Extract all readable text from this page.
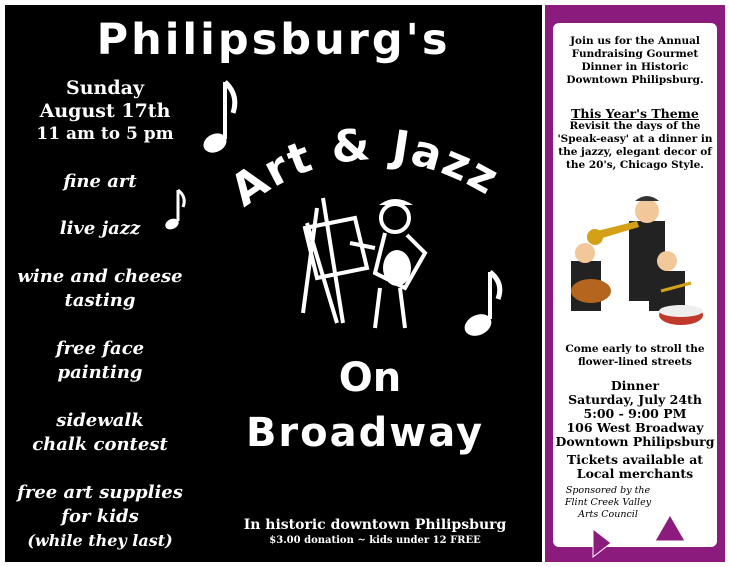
Philipsburg's
Sunday
August 17th
11 am to 5 pm
fine art
live jazz
wine and cheese
tasting
free face
painting
sidewalk
chalk contest
free art supplies
for kids
(while they last)
Art & Jazz
On
Broadway
In historic downtown Philipsburg
$3.00 donation ~ kids under 12 FREE
Join us for the Annual
Fundraising Gourmet
Dinner in Historic
Downtown Philipsburg.
This Year's Theme
Revisit the days of the
'Speak-easy' at a dinner in
the jazzy, elegant decor of
the 20's, Chicago Style.
Come early to stroll the
flower-lined streets
Dinner
Saturday, July 24th
5:00 - 9:00 PM
106 West Broadway
Downtown Philipsburg
Tickets available at
Local merchants
Sponsored by the
Flint Creek Valley
Arts Council
